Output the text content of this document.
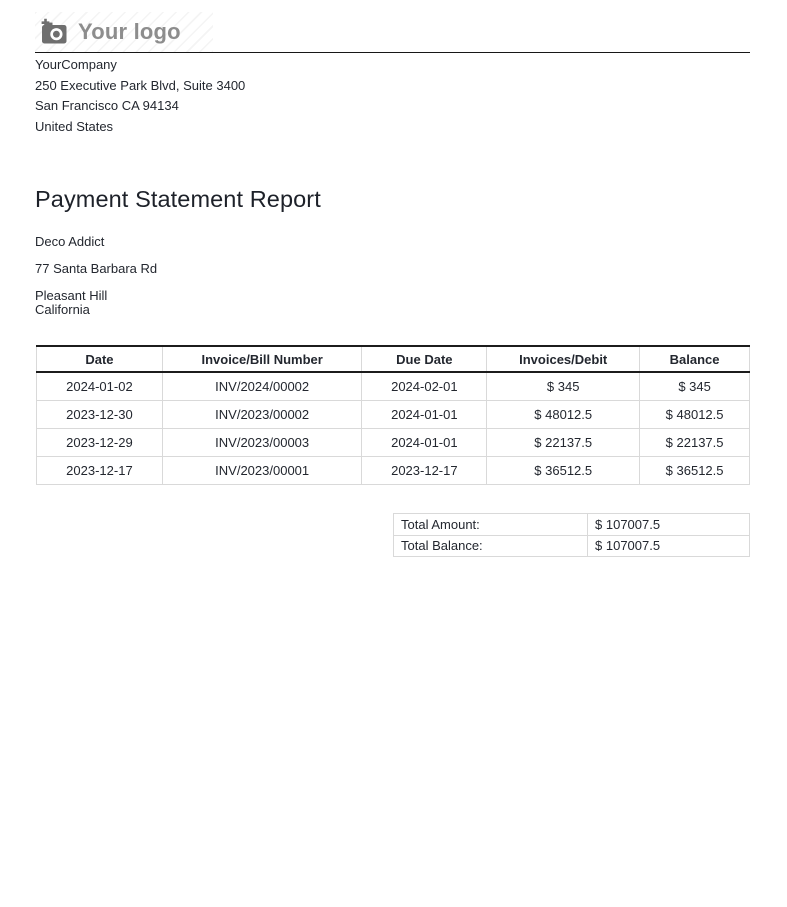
Your logo
YourCompany
250 Executive Park Blvd, Suite 3400
San Francisco CA 94134
United States
Payment Statement Report
Deco Addict
77 Santa Barbara Rd
Pleasant Hill
California
Date	Invoice/Bill Number	Due Date	Invoices/Debit	Balance
2024-01-02	INV/2024/00002	2024-02-01	$ 345	$ 345
2023-12-30	INV/2023/00002	2024-01-01	$ 48012.5	$ 48012.5
2023-12-29	INV/2023/00003	2024-01-01	$ 22137.5	$ 22137.5
2023-12-17	INV/2023/00001	2023-12-17	$ 36512.5	$ 36512.5
Total Amount:	$ 107007.5
Total Balance:	$ 107007.5
